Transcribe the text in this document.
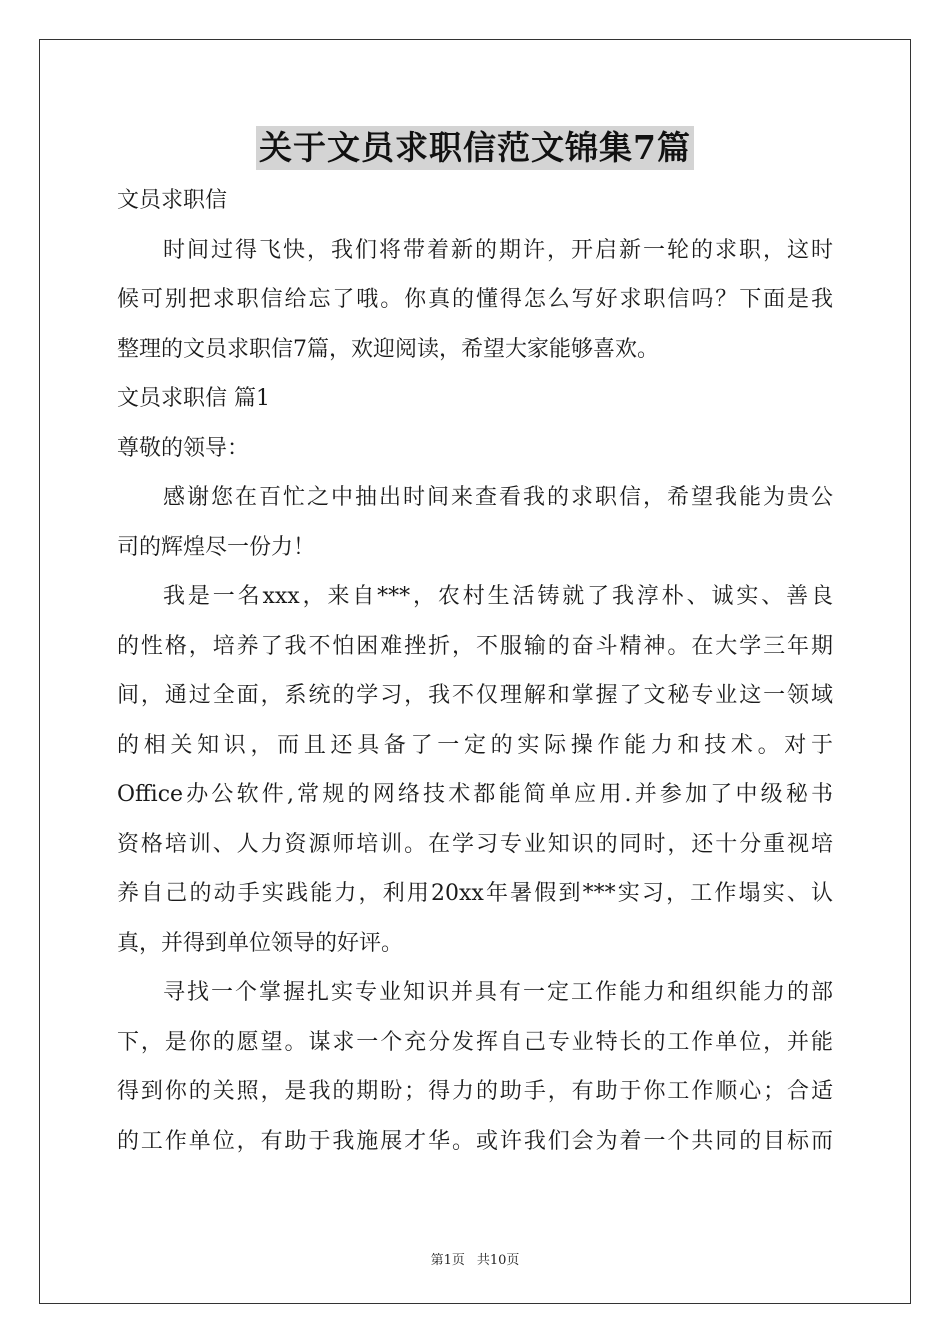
关于文员求职信范文锦集7篇
文员求职信
时间过得飞快，我们将带着新的期许，开启新一轮的求职，这时
候可别把求职信给忘了哦。你真的懂得怎么写好求职信吗？下面是我
整理的文员求职信7篇，欢迎阅读，希望大家能够喜欢。
文员求职信 篇1
尊敬的领导：
感谢您在百忙之中抽出时间来查看我的求职信，希望我能为贵公
司的辉煌尽一份力！
我是一名xxx，来自***，农村生活铸就了我淳朴、诚实、善良
的性格，培养了我不怕困难挫折，不服输的奋斗精神。在大学三年期
间，通过全面，系统的学习，我不仅理解和掌握了文秘专业这一领域
的相关知识，而且还具备了一定的实际操作能力和技术。对于
Office办公软件,常规的网络技术都能简单应用.并参加了中级秘书
资格培训、人力资源师培训。在学习专业知识的同时，还十分重视培
养自己的动手实践能力，利用20xx年暑假到***实习，工作塌实、认
真，并得到单位领导的好评。
寻找一个掌握扎实专业知识并具有一定工作能力和组织能力的部
下，是你的愿望。谋求一个充分发挥自己专业特长的工作单位，并能
得到你的关照，是我的期盼；得力的助手，有助于你工作顺心；合适
的工作单位，有助于我施展才华。或许我们会为着一个共同的目标而
第1页 共10页
